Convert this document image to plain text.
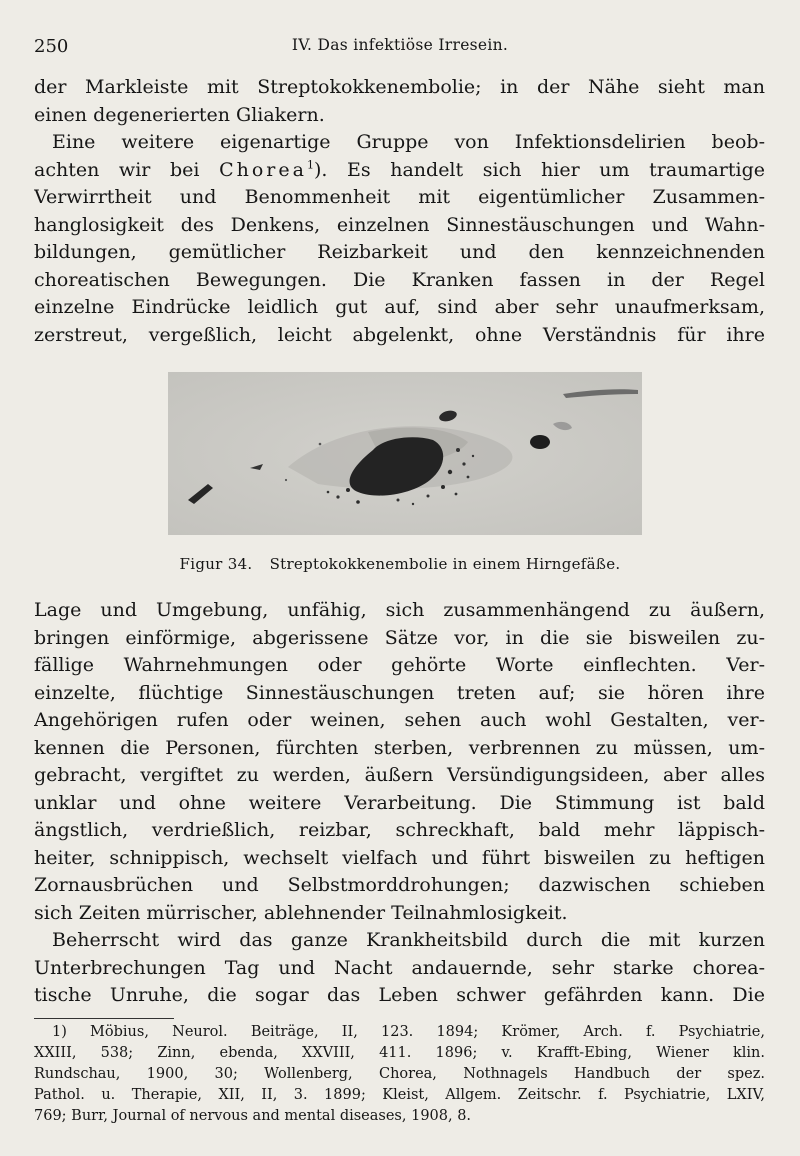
250	IV. Das infektiöse Irresein.
der Markleiste mit Streptokokkenembolie; in der Nähe sieht man
einen degenerierten Gliakern.
Eine weitere eigenartige Gruppe von Infektionsdelirien beob-
achten wir bei Chorea$^1$). Es handelt sich hier um traumartige
Verwirrtheit und Benommenheit mit eigentümlicher Zusammen-
hanglosigkeit des Denkens, einzelnen Sinnestäuschungen und Wahn-
bildungen, gemütlicher Reizbarkeit und den kennzeichnenden
choreatischen Bewegungen. Die Kranken fassen in der Regel
einzelne Eindrücke leidlich gut auf, sind aber sehr unaufmerksam,
zerstreut, vergeßlich, leicht abgelenkt, ohne Verständnis für ihre
Figur 34. Streptokokkenembolie in einem Hirngefäße.
Lage und Umgebung, unfähig, sich zusammenhängend zu äußern,
bringen einförmige, abgerissene Sätze vor, in die sie bisweilen zu-
fällige Wahrnehmungen oder gehörte Worte einflechten. Ver-
einzelte, flüchtige Sinnestäuschungen treten auf; sie hören ihre
Angehörigen rufen oder weinen, sehen auch wohl Gestalten, ver-
kennen die Personen, fürchten sterben, verbrennen zu müssen, um-
gebracht, vergiftet zu werden, äußern Versündigungsideen, aber alles
unklar und ohne weitere Verarbeitung. Die Stimmung ist bald
ängstlich, verdrießlich, reizbar, schreckhaft, bald mehr läppisch-
heiter, schnippisch, wechselt vielfach und führt bisweilen zu heftigen
Zornausbrüchen und Selbstmorddrohungen; dazwischen schieben
sich Zeiten mürrischer, ablehnender Teilnahmlosigkeit.
Beherrscht wird das ganze Krankheitsbild durch die mit kurzen
Unterbrechungen Tag und Nacht andauernde, sehr starke chorea-
tische Unruhe, die sogar das Leben schwer gefährden kann. Die
1) Möbius, Neurol. Beiträge, II, 123. 1894; Krömer, Arch. f. Psychiatrie,
XXIII, 538; Zinn, ebenda, XXVIII, 411. 1896; v. Krafft-Ebing, Wiener klin.
Rundschau, 1900, 30; Wollenberg, Chorea, Nothnagels Handbuch der spez.
Pathol. u. Therapie, XII, II, 3. 1899; Kleist, Allgem. Zeitschr. f. Psychiatrie, LXIV,
769; Burr, Journal of nervous and mental diseases, 1908, 8.
